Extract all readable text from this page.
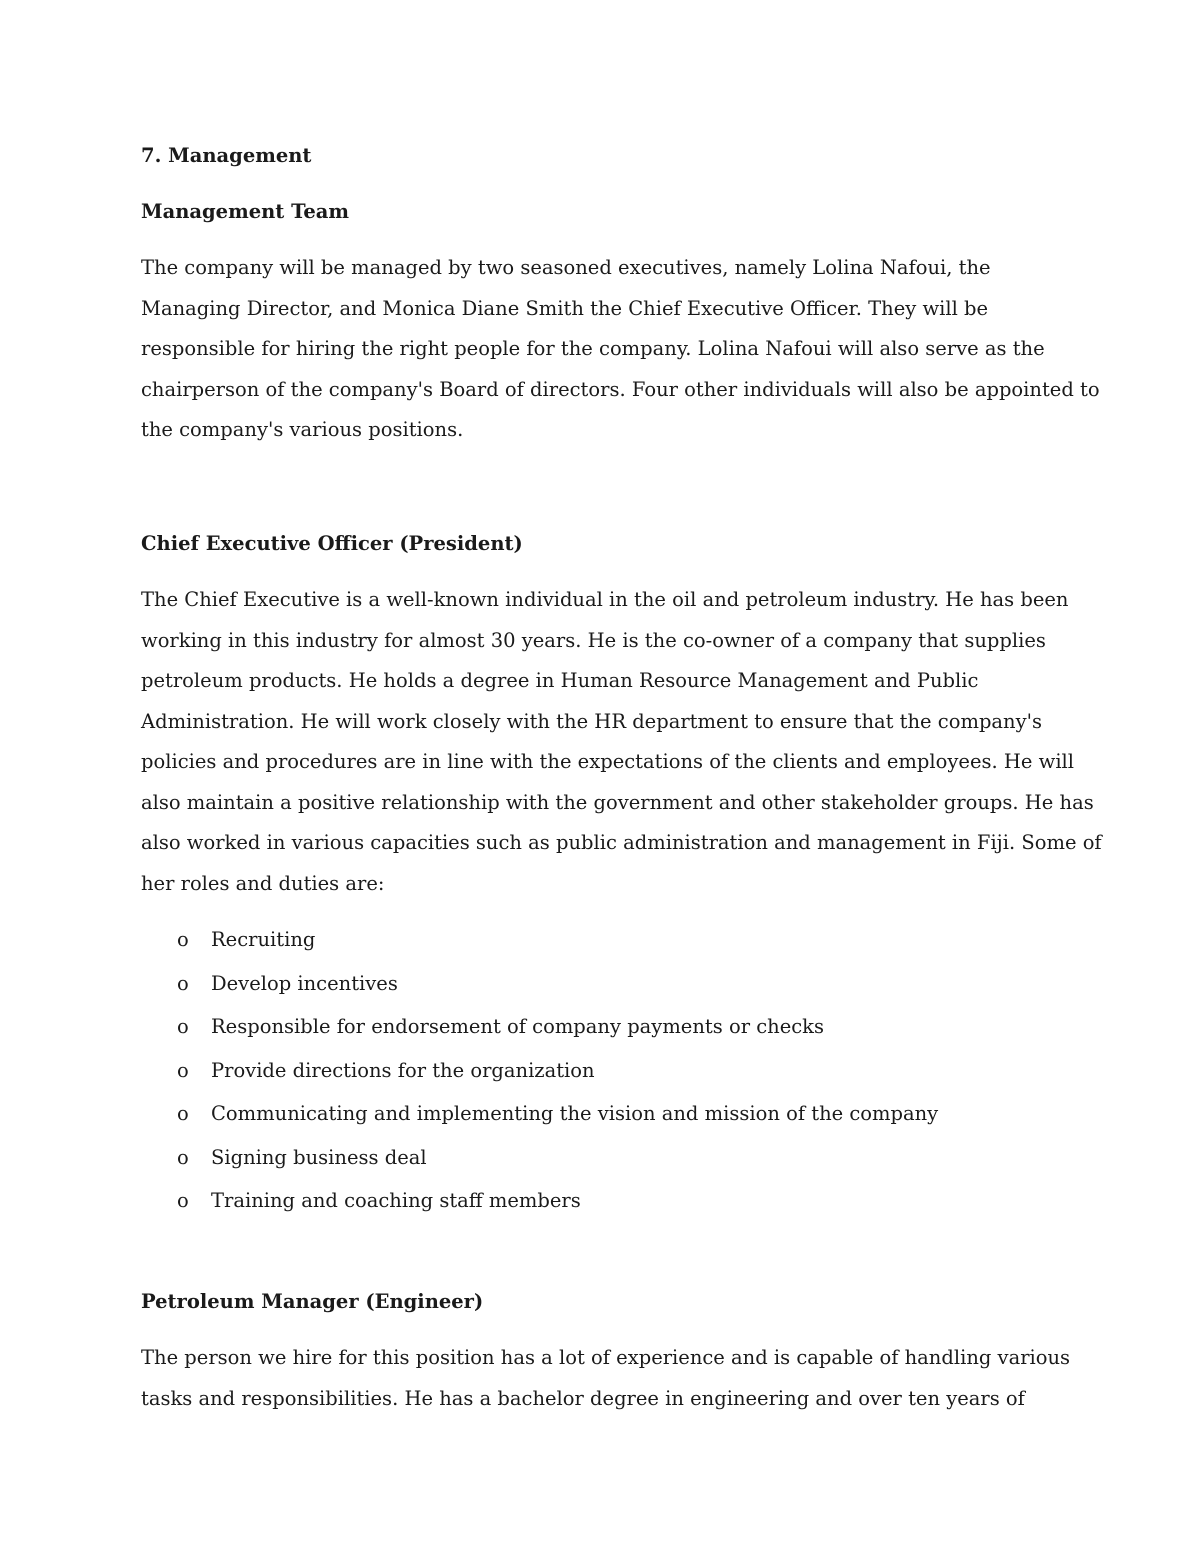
7. Management
Management Team
The company will be managed by two seasoned executives, namely Lolina Nafoui, the
Managing Director, and Monica Diane Smith the Chief Executive Officer. They will be
responsible for hiring the right people for the company. Lolina Nafoui will also serve as the
chairperson of the company's Board of directors. Four other individuals will also be appointed to
the company's various positions.
Chief Executive Officer (President)
The Chief Executive is a well-known individual in the oil and petroleum industry. He has been
working in this industry for almost 30 years. He is the co-owner of a company that supplies
petroleum products. He holds a degree in Human Resource Management and Public
Administration. He will work closely with the HR department to ensure that the company's
policies and procedures are in line with the expectations of the clients and employees. He will
also maintain a positive relationship with the government and other stakeholder groups. He has
also worked in various capacities such as public administration and management in Fiji. Some of
her roles and duties are:
o	Recruiting
o	Develop incentives
o	Responsible for endorsement of company payments or checks
o	Provide directions for the organization
o	Communicating and implementing the vision and mission of the company
o	Signing business deal
o	Training and coaching staff members
Petroleum Manager (Engineer)
The person we hire for this position has a lot of experience and is capable of handling various
tasks and responsibilities. He has a bachelor degree in engineering and over ten years of
